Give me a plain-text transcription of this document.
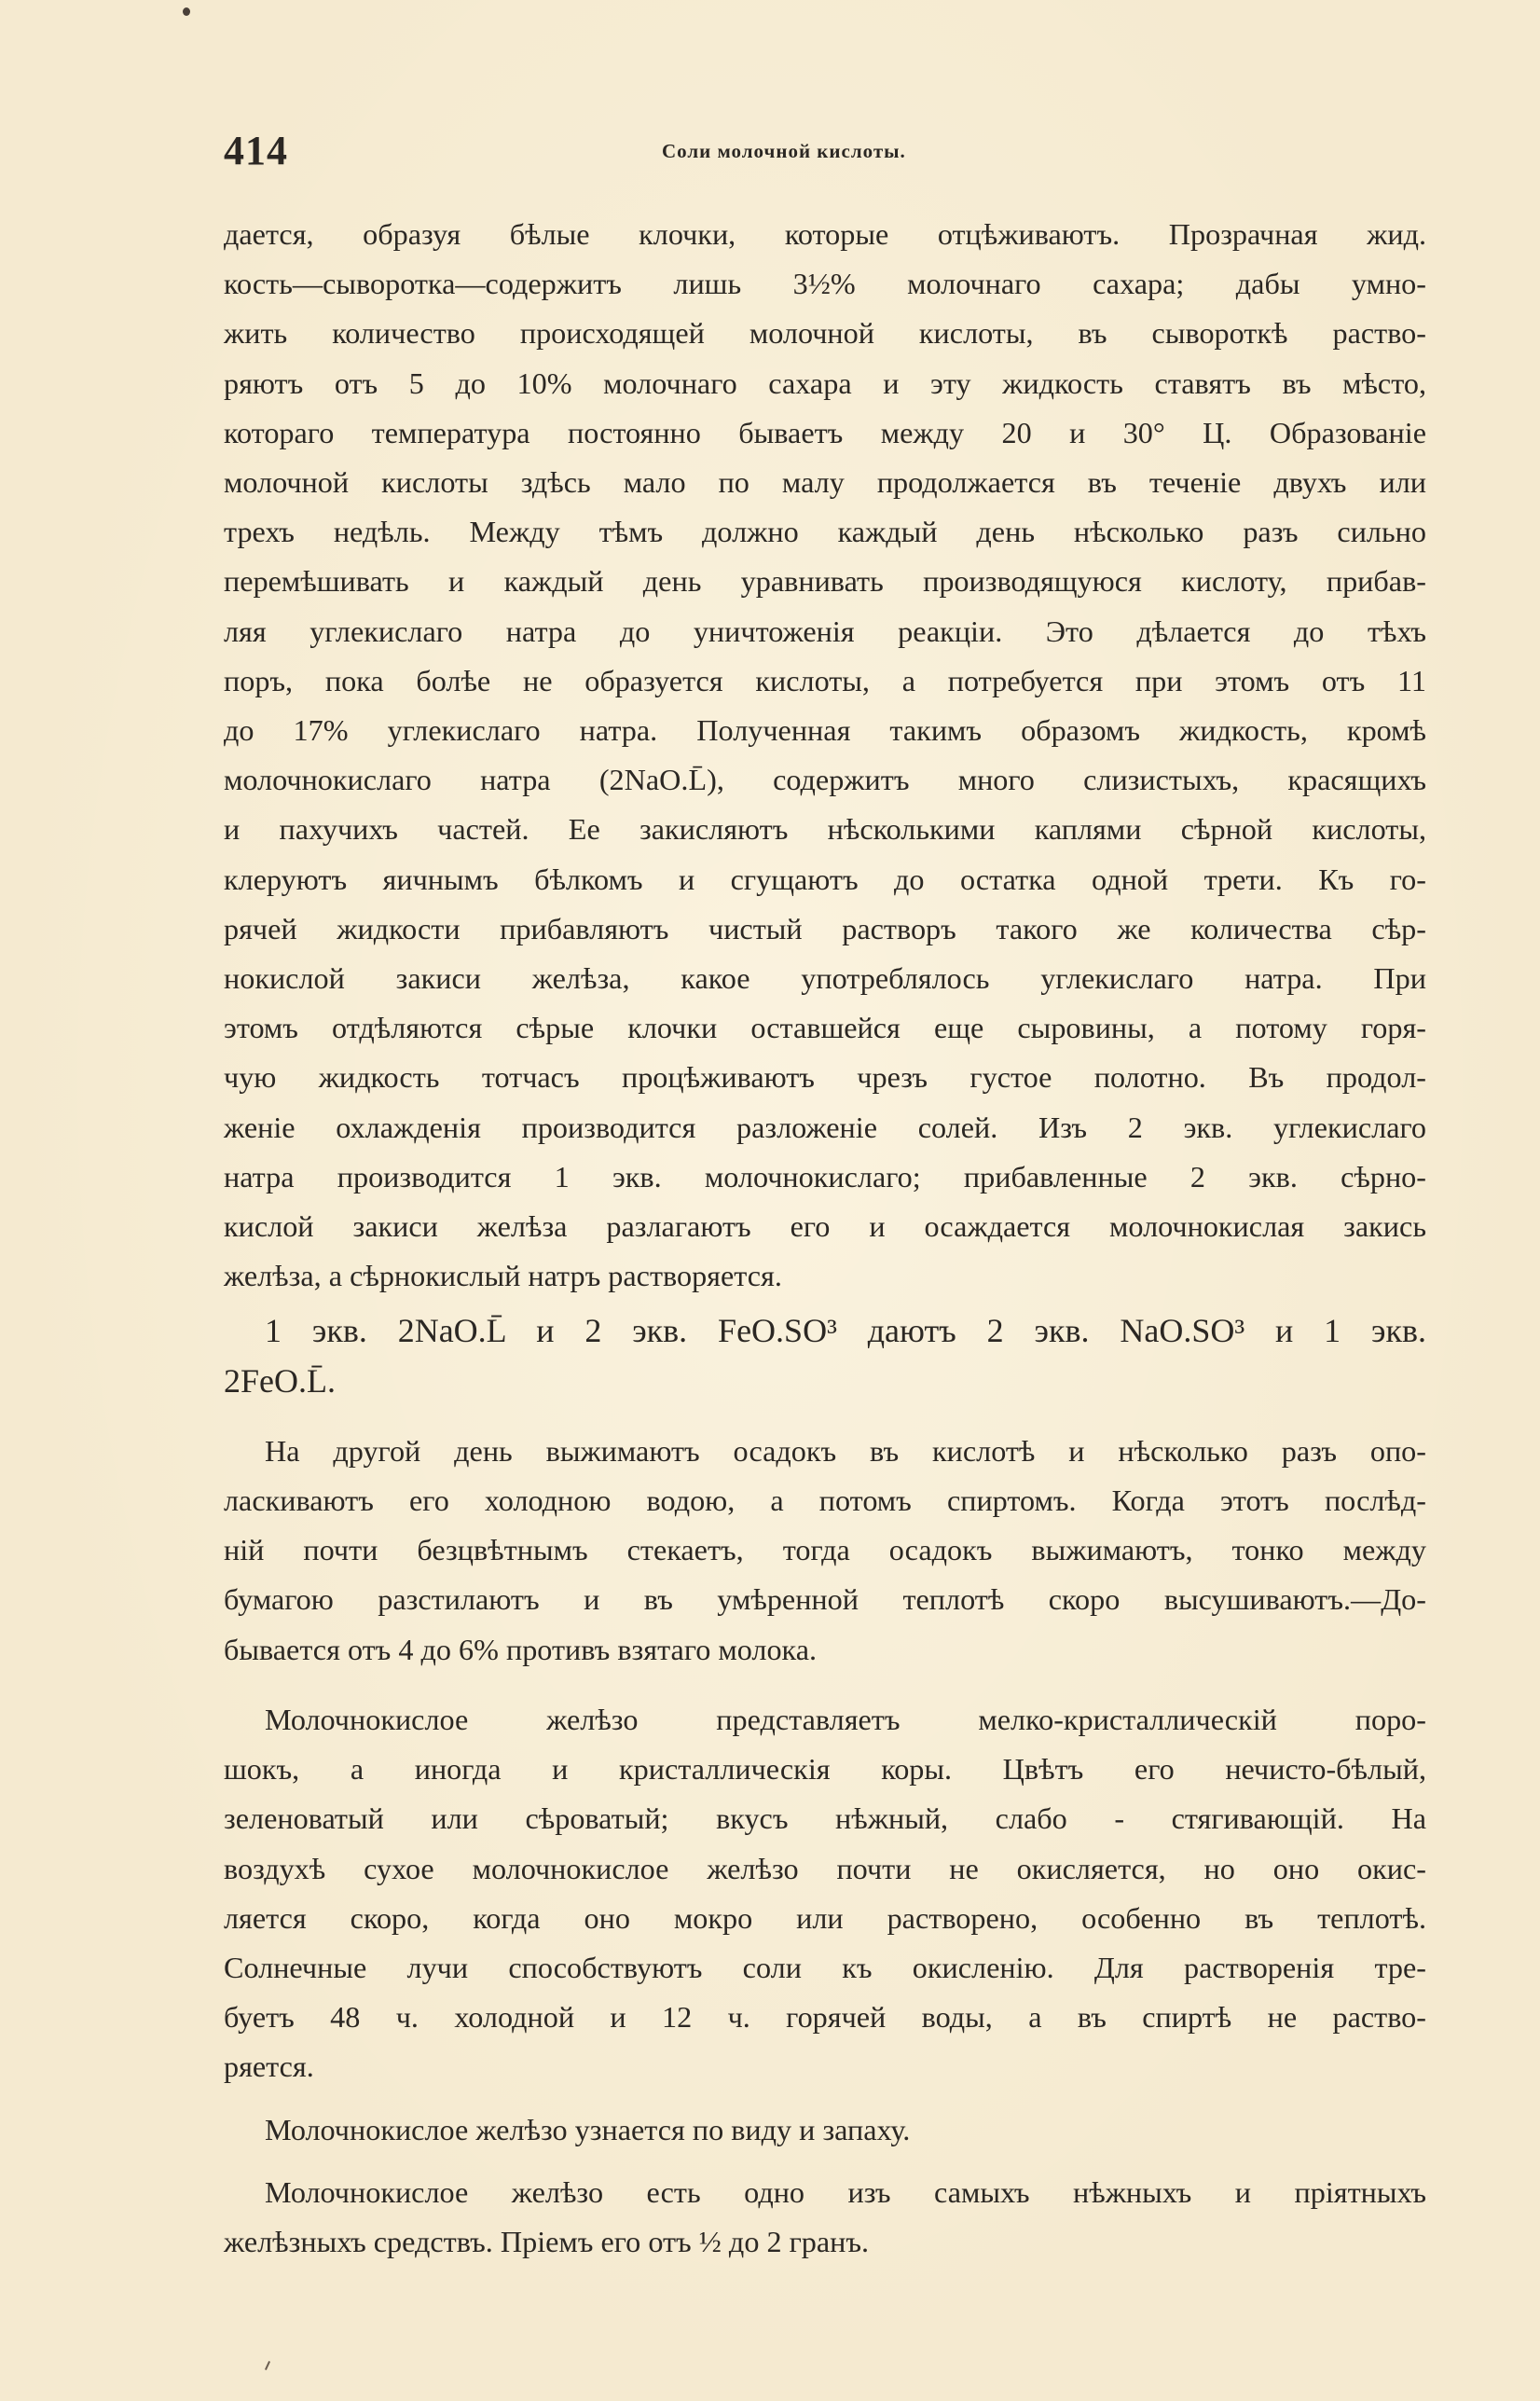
414	Соли молочной кислоты.

дается, образуя бѣлые клочки, которые отцѣживаютъ. Прозрачная жид.
кость—сыворотка—содержитъ лишь 3½% молочнаго сахара; дабы умно-
жить количество происходящей молочной кислоты, въ сывороткѣ раство-
ряютъ отъ 5 до 10% молочнаго сахара и эту жидкость ставятъ въ мѣсто,
котораго температура постоянно бываетъ между 20 и 30° Ц. Образованіе
молочной кислоты здѣсь мало по малу продолжается въ теченіе двухъ или
трехъ недѣль. Между тѣмъ должно каждый день нѣсколько разъ сильно
перемѣшивать и каждый день уравнивать производящуюся кислоту, прибав-
ляя углекислаго натра до уничтоженія реакціи. Это дѣлается до тѣхъ
поръ, пока болѣе не образуется кислоты, а потребуется при этомъ отъ 11
до 17% углекислаго натра. Полученная такимъ образомъ жидкость, кромѣ
молочнокислаго натра (2NaO.L̄), содержитъ много слизистыхъ, красящихъ
и пахучихъ частей. Ее закисляютъ нѣсколькими каплями сѣрной кислоты,
клеруютъ яичнымъ бѣлкомъ и сгущаютъ до остатка одной трети. Къ го-
рячей жидкости прибавляютъ чистый растворъ такого же количества сѣр-
нокислой закиси желѣза, какое употреблялось углекислаго натра. При
этомъ отдѣляются сѣрые клочки оставшейся еще сыровины, а потому горя-
чую жидкость тотчасъ процѣживаютъ чрезъ густое полотно. Въ продол-
женіе охлажденія производится разложеніе солей. Изъ 2 экв. углекислаго
натра производится 1 экв. молочнокислаго; прибавленные 2 экв. сѣрно-
кислой закиси желѣза разлагаютъ его и осаждается молочнокислая закись
желѣза, а сѣрнокислый натръ растворяется.

1 экв. 2NaO.L̄ и 2 экв. FeO.SO³ даютъ 2 экв. NaO.SO³ и 1 экв.
2FeO.L̄.

На другой день выжимаютъ осадокъ въ кислотѣ и нѣсколько разъ опо-
ласкиваютъ его холодною водою, а потомъ спиртомъ. Когда этотъ послѣд-
ній почти безцвѣтнымъ стекаетъ, тогда осадокъ выжимаютъ, тонко между
бумагою разстилаютъ и въ умѣренной теплотѣ скоро высушиваютъ.—До-
бывается отъ 4 до 6% противъ взятаго молока.

Молочнокислое желѣзо представляетъ мелко-кристаллическій поро-
шокъ, а иногда и кристаллическія коры. Цвѣтъ его нечисто-бѣлый,
зеленоватый или сѣроватый; вкусъ нѣжный, слабо - стягивающій. На
воздухѣ сухое молочнокислое желѣзо почти не окисляется, но оно окис-
ляется скоро, когда оно мокро или растворено, особенно въ теплотѣ.
Солнечные лучи способствуютъ соли къ окисленію. Для растворенія тре-
буетъ 48 ч. холодной и 12 ч. горячей воды, а въ спиртѣ не раство-
ряется.

Молочнокислое желѣзо узнается по виду и запаху.

Молочнокислое желѣзо есть одно изъ самыхъ нѣжныхъ и пріятныхъ
желѣзныхъ средствъ. Пріемъ его отъ ½ до 2 гранъ.
